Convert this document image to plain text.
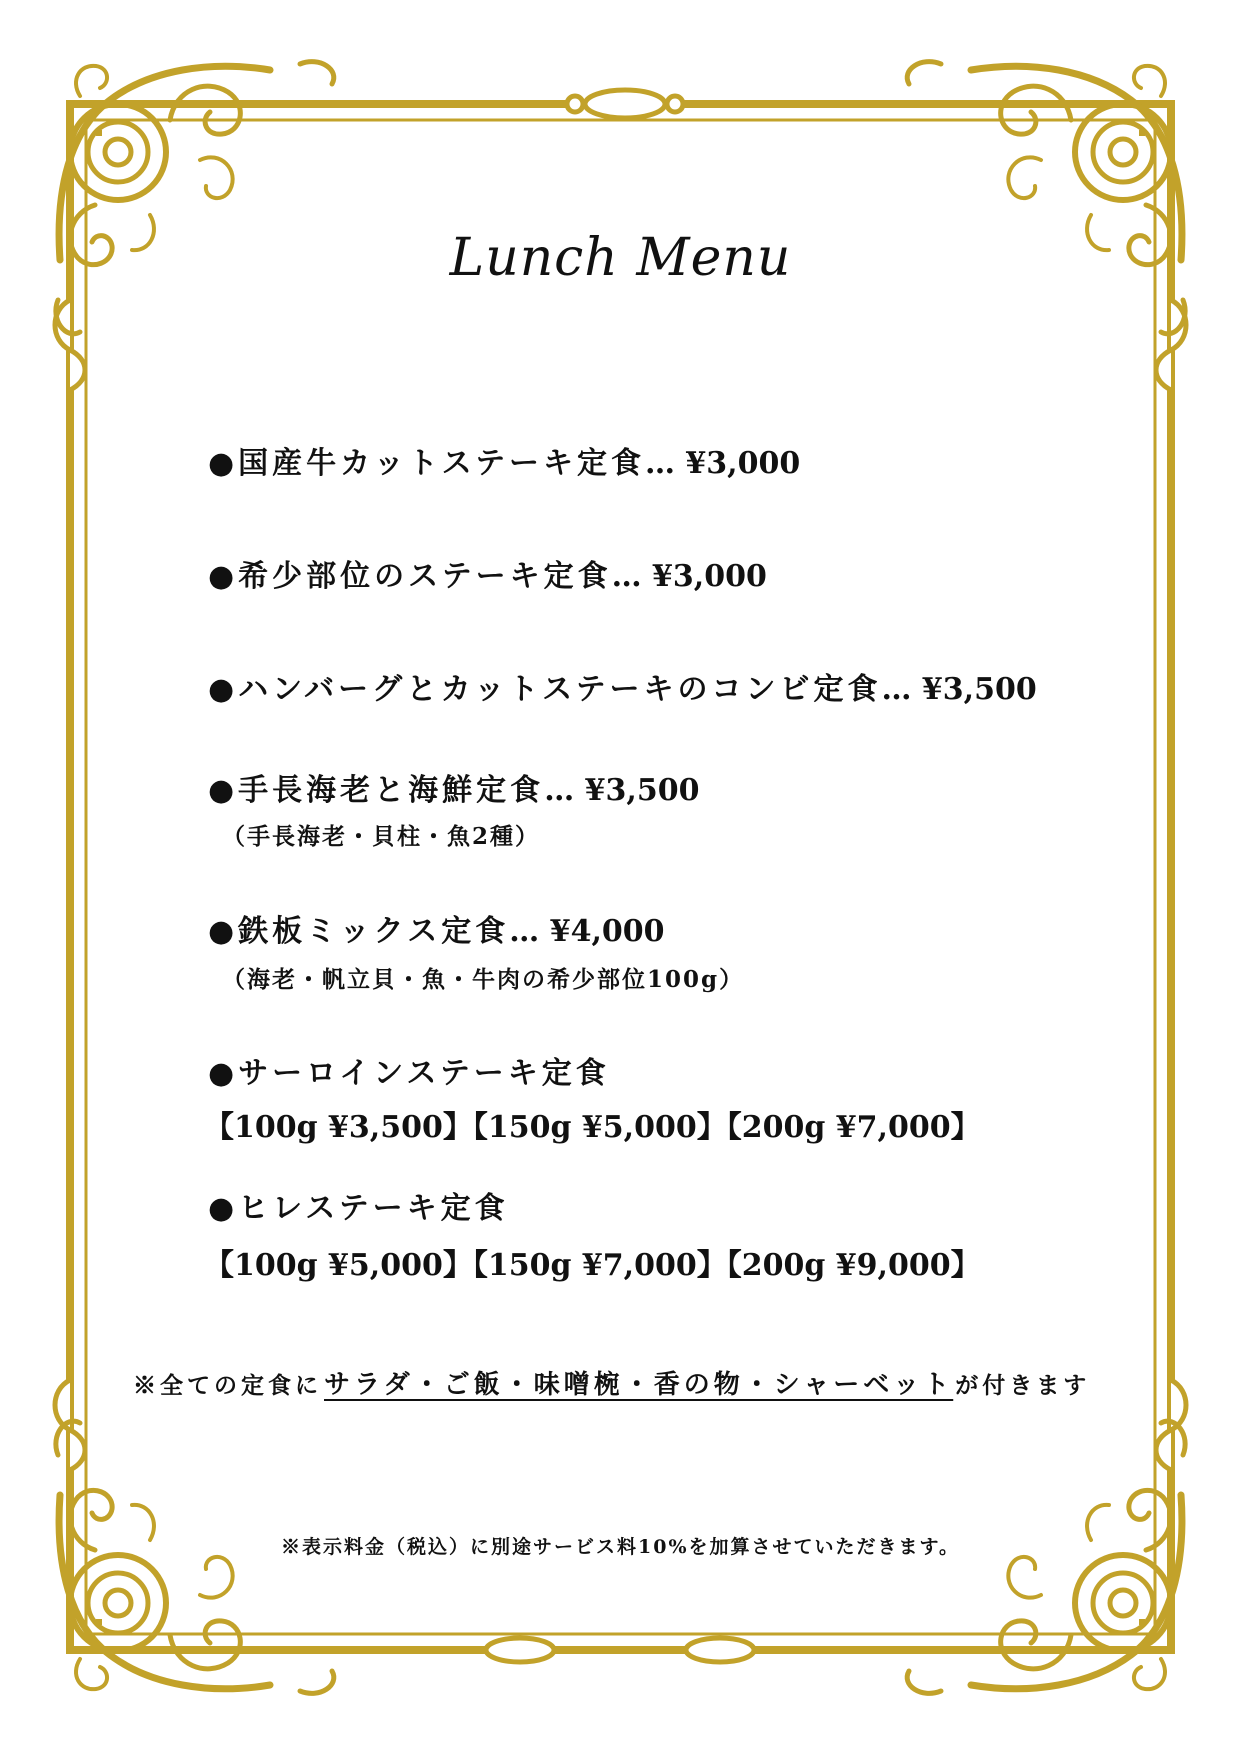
Lunch Menu
●国産牛カットステーキ定食… ¥3,000
●希少部位のステーキ定食… ¥3,000
●ハンバーグとカットステーキのコンビ定食… ¥3,500
●手長海老と海鮮定食… ¥3,500
（手長海老・貝柱・魚2種）
●鉄板ミックス定食… ¥4,000
（海老・帆立貝・魚・牛肉の希少部位100g）
●サーロインステーキ定食
【100g ¥3,500】【150g ¥5,000】【200g ¥7,000】
●ヒレステーキ定食
【100g ¥5,000】【150g ¥7,000】【200g ¥9,000】
※全ての定食にサラダ・ご飯・味噌椀・香の物・シャーベットが付きます
※表示料金（税込）に別途サービス料10%を加算させていただきます。
